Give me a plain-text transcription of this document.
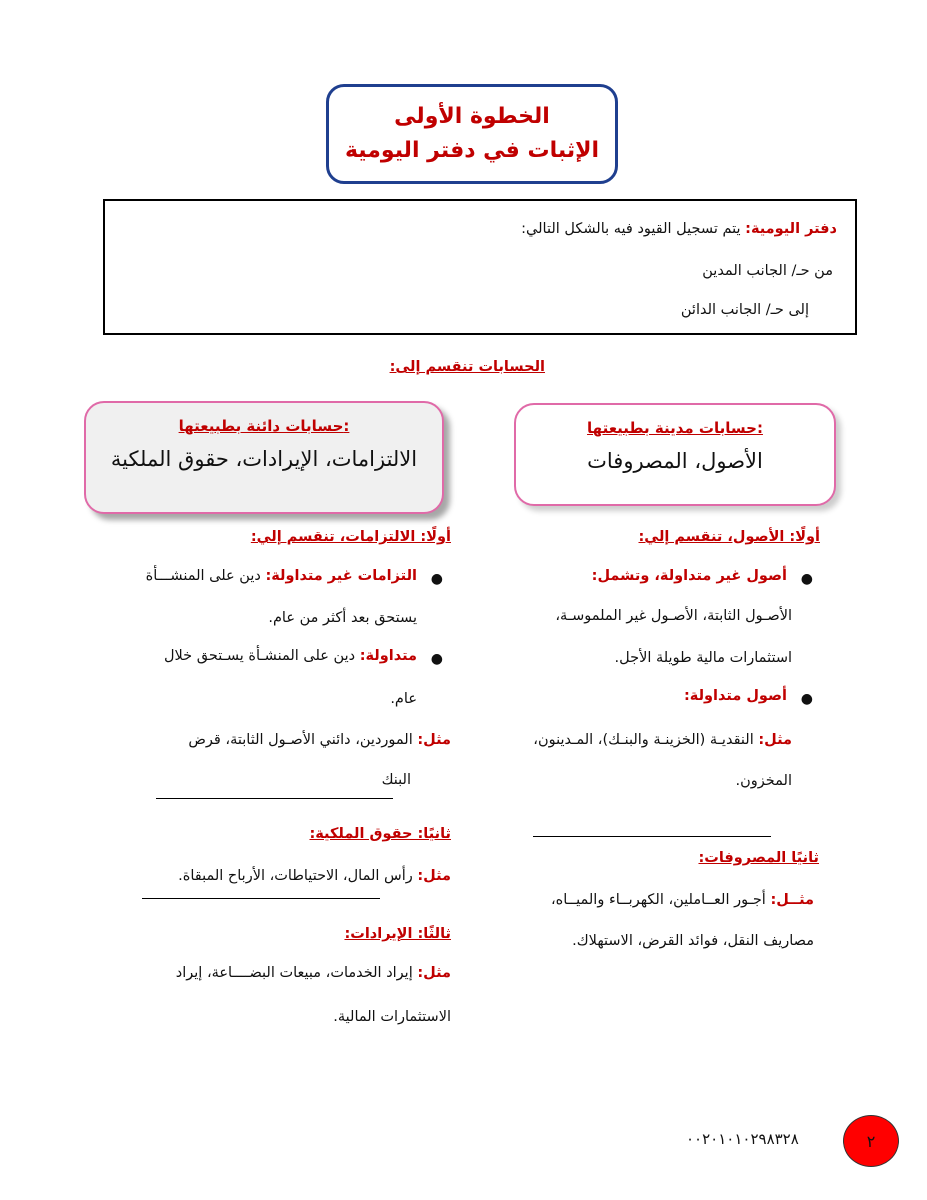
الخطوة الأولى
الإثبات في دفتر اليومية
دفتر اليومية: يتم تسجيل القيود فيه بالشكل التالي:
من حـ/ الجانب المدين
إلى حـ/ الجانب الدائن
الحسابات تنقسم إلى:
حسابات دائنة بطبيعتها:
الالتزامات، الإيرادات، حقوق الملكية
حسابات مدينة بطبيعتها:
الأصول، المصروفات
أولًا: الأصول، تنقسم إلي:
●
أصول غير متداولة، وتشمل:
الأصـول الثابتة، الأصـول غير الملموسـة،
استثمارات مالية طويلة الأجل.
●
أصول متداولة:
مثل: النقديـة (الخزينـة والبنـك)، المـدينون،
المخزون.
ثانيًا المصروفات:
مثــل: أجـور العــاملين، الكهربــاء والميــاه،
مصاريف النقل، فوائد القرض، الاستهلاك.
أولًا: الالتزامات، تنقسم إلي:
●
التزامات غير متداولة: دين على المنشـــأة
يستحق بعد أكثر من عام.
●
متداولة: دين على المنشـأة يسـتحق خلال
عام.
مثل: الموردين، دائني الأصـول الثابتة، قرض
البنك
ثانيًا: حقوق الملكية:
مثل: رأس المال، الاحتياطات، الأرباح المبقاة.
ثالثًا: الإيرادات:
مثل: إيراد الخدمات، مبيعات البضــــاعة، إيراد
الاستثمارات المالية.
٢
٠٠٢٠١٠١٠٢٩٨٣٢٨
